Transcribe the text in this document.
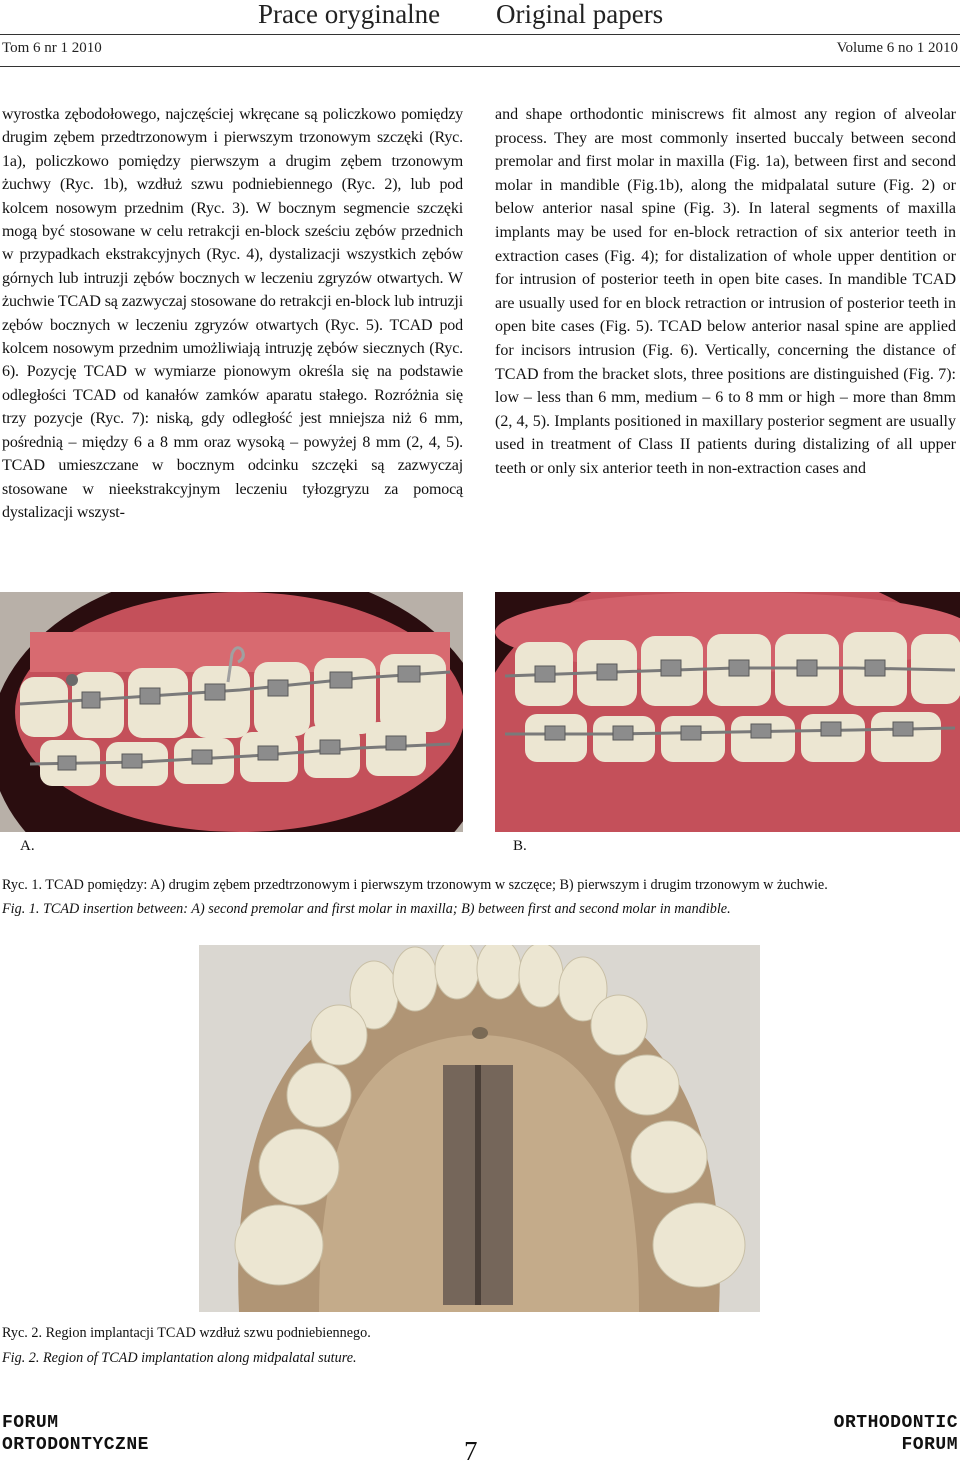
Prace oryginalne Original papers
Tom 6 nr 1 2010	Volume 6 no 1 2010
wyrostka zębodołowego, najczęściej wkręcane są policzkowo pomiędzy drugim zębem przedtrzonowym i pierwszym trzonowym szczęki (Ryc. 1a), policzkowo pomiędzy pierwszym a drugim zębem trzonowym żuchwy (Ryc. 1b), wzdłuż szwu podniebiennego (Ryc. 2), lub pod kolcem nosowym przednim (Ryc. 3). W bocznym segmencie szczęki mogą być stosowane w celu retrakcji en-block sześciu zębów przednich w przypadkach ekstrakcyjnych (Ryc. 4), dystalizacji wszystkich zębów górnych lub intruzji zębów bocznych w leczeniu zgryzów otwartych. W żuchwie TCAD są zazwyczaj stosowane do retrakcji en-block lub intruzji zębów bocznych w leczeniu zgryzów otwartych (Ryc. 5). TCAD pod kolcem nosowym przednim umożliwiają intruzję zębów siecznych (Ryc. 6). Pozycję TCAD w wymiarze pionowym określa się na podstawie odległości TCAD od kanałów zamków aparatu stałego. Rozróżnia się trzy pozycje (Ryc. 7): niską, gdy odległość jest mniejsza niż 6 mm, pośrednią – między 6 a 8 mm oraz wysoką – powyżej 8 mm (2, 4, 5). TCAD umieszczane w bocznym odcinku szczęki są zazwyczaj stosowane w nieekstrakcyjnym leczeniu tyłozgryzu za pomocą dystalizacji wszyst-
and shape orthodontic miniscrews fit almost any region of alveolar process. They are most commonly inserted buccaly between second premolar and first molar in maxilla (Fig. 1a), between first and second molar in mandible (Fig.1b), along the midpalatal suture (Fig. 2) or below anterior nasal spine (Fig. 3). In lateral segments of maxilla implants may be used for en-block retraction of six anterior teeth in extraction cases (Fig. 4); for distalization of whole upper dentition or for intrusion of posterior teeth in open bite cases. In mandible TCAD are usually used for en block retraction or intrusion of posterior teeth in open bite cases (Fig. 5). TCAD below anterior nasal spine are applied for incisors intrusion (Fig. 6). Vertically, concerning the distance of TCAD from the bracket slots, three positions are distinguished (Fig. 7): low – less than 6 mm, medium – 6 to 8 mm or high – more than 8mm (2, 4, 5). Implants positioned in maxillary posterior segment are usually used in treatment of Class II patients during distalizing of all upper teeth or only six anterior teeth in non-extraction cases and
A.	B.
Ryc. 1. TCAD pomiędzy: A) drugim zębem przedtrzonowym i pierwszym trzonowym w szczęce; B) pierwszym i drugim trzonowym w żuchwie.
Fig. 1. TCAD insertion between: A) second premolar and first molar in maxilla; B) between first and second molar in mandible.
Ryc. 2. Region implantacji TCAD wzdłuż szwu podniebiennego.
Fig. 2. Region of TCAD implantation along midpalatal suture.
FORUM
ORTODONTYCZNE	7
ORTHODONTIC
FORUM
